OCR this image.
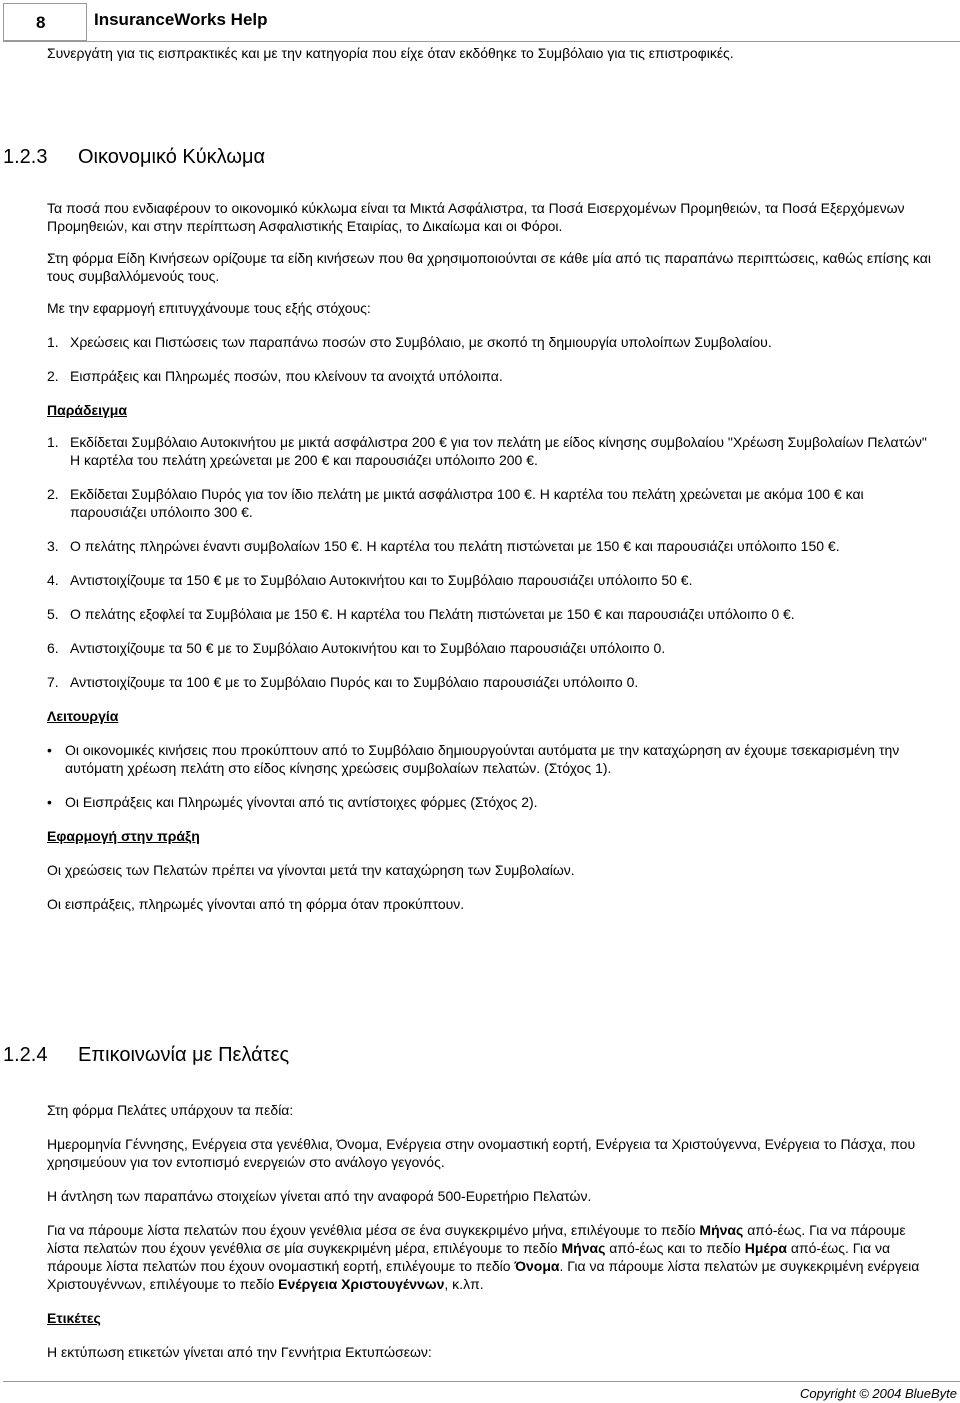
8	InsuranceWorks Help

Συνεργάτη για τις εισπρακτικές και με την κατηγορία που είχε όταν εκδόθηκε το Συμβόλαιο για τις επιστροφικές.

1.2.3 Οικονομικό Κύκλωμα

Τα ποσά που ενδιαφέρουν το οικονομικό κύκλωμα είναι τα Μικτά Ασφάλιστρα, τα Ποσά Εισερχομένων Προμηθειών, τα Ποσά Εξερχόμενων Προμηθειών, και στην περίπτωση Ασφαλιστικής Εταιρίας, το Δικαίωμα και οι Φόροι.

Στη φόρμα Είδη Κινήσεων ορίζουμε τα είδη κινήσεων που θα χρησιμοποιούνται σε κάθε μία από τις παραπάνω περιπτώσεις, καθώς επίσης και τους συμβαλλόμενούς τους.

Με την εφαρμογή επιτυγχάνουμε τους εξής στόχους:

1. Χρεώσεις και Πιστώσεις των παραπάνω ποσών στο Συμβόλαιο, με σκοπό τη δημιουργία υπολοίπων Συμβολαίου.
2. Εισπράξεις και Πληρωμές ποσών, που κλείνουν τα ανοιχτά υπόλοιπα.

Παράδειγμα

1. Εκδίδεται Συμβόλαιο Αυτοκινήτου με μικτά ασφάλιστρα 200 € για τον πελάτη με είδος κίνησης συμβολαίου "Χρέωση Συμβολαίων Πελατών" Η καρτέλα του πελάτη χρεώνεται με 200 € και παρουσιάζει υπόλοιπο 200 €.
2. Εκδίδεται Συμβόλαιο Πυρός για τον ίδιο πελάτη με μικτά ασφάλιστρα 100 €. Η καρτέλα του πελάτη χρεώνεται με ακόμα 100 € και παρουσιάζει υπόλοιπο 300 €.
3. Ο πελάτης πληρώνει έναντι συμβολαίων 150 €. Η καρτέλα του πελάτη πιστώνεται με 150 € και παρουσιάζει υπόλοιπο 150 €.
4. Αντιστοιχίζουμε τα 150 € με το Συμβόλαιο Αυτοκινήτου και το Συμβόλαιο παρουσιάζει υπόλοιπο 50 €.
5. Ο πελάτης εξοφλεί τα Συμβόλαια με 150 €. Η καρτέλα του Πελάτη πιστώνεται με 150 € και παρουσιάζει υπόλοιπο 0 €.
6. Αντιστοιχίζουμε τα 50 € με το Συμβόλαιο Αυτοκινήτου και το Συμβόλαιο παρουσιάζει υπόλοιπο 0.
7. Αντιστοιχίζουμε τα 100 € με το Συμβόλαιο Πυρός και το Συμβόλαιο παρουσιάζει υπόλοιπο 0.

Λειτουργία

• Οι οικονομικές κινήσεις που προκύπτουν από το Συμβόλαιο δημιουργούνται αυτόματα με την καταχώρηση αν έχουμε τσεκαρισμένη την αυτόματη χρέωση πελάτη στο είδος κίνησης χρεώσεις συμβολαίων πελατών. (Στόχος 1).
• Οι Εισπράξεις και Πληρωμές γίνονται από τις αντίστοιχες φόρμες (Στόχος 2).

Εφαρμογή στην πράξη

Οι χρεώσεις των Πελατών πρέπει να γίνονται μετά την καταχώρηση των Συμβολαίων.

Οι εισπράξεις, πληρωμές γίνονται από τη φόρμα όταν προκύπτουν.

1.2.4 Επικοινωνία με Πελάτες

Στη φόρμα Πελάτες υπάρχουν τα πεδία:

Ημερομηνία Γέννησης, Ενέργεια στα γενέθλια, Όνομα, Ενέργεια στην ονομαστική εορτή, Ενέργεια τα Χριστούγεννα, Ενέργεια το Πάσχα, που χρησιμεύουν για τον εντοπισμό ενεργειών στο ανάλογο γεγονός.

Η άντληση των παραπάνω στοιχείων γίνεται από την αναφορά 500-Ευρετήριο Πελατών.

Για να πάρουμε λίστα πελατών που έχουν γενέθλια μέσα σε ένα συγκεκριμένο μήνα, επιλέγουμε το πεδίο Μήνας από-έως. Για να πάρουμε λίστα πελατών που έχουν γενέθλια σε μία συγκεκριμένη μέρα, επιλέγουμε το πεδίο Μήνας από-έως και το πεδίο Ημέρα από-έως. Για να πάρουμε λίστα πελατών που έχουν ονομαστική εορτή, επιλέγουμε το πεδίο Όνομα. Για να πάρουμε λίστα πελατών με συγκεκριμένη ενέργεια Χριστουγέννων, επιλέγουμε το πεδίο Ενέργεια Χριστουγέννων, κ.λπ.

Ετικέτες

Η εκτύπωση ετικετών γίνεται από την Γεννήτρια Εκτυπώσεων:

Copyright © 2004 BlueByte
